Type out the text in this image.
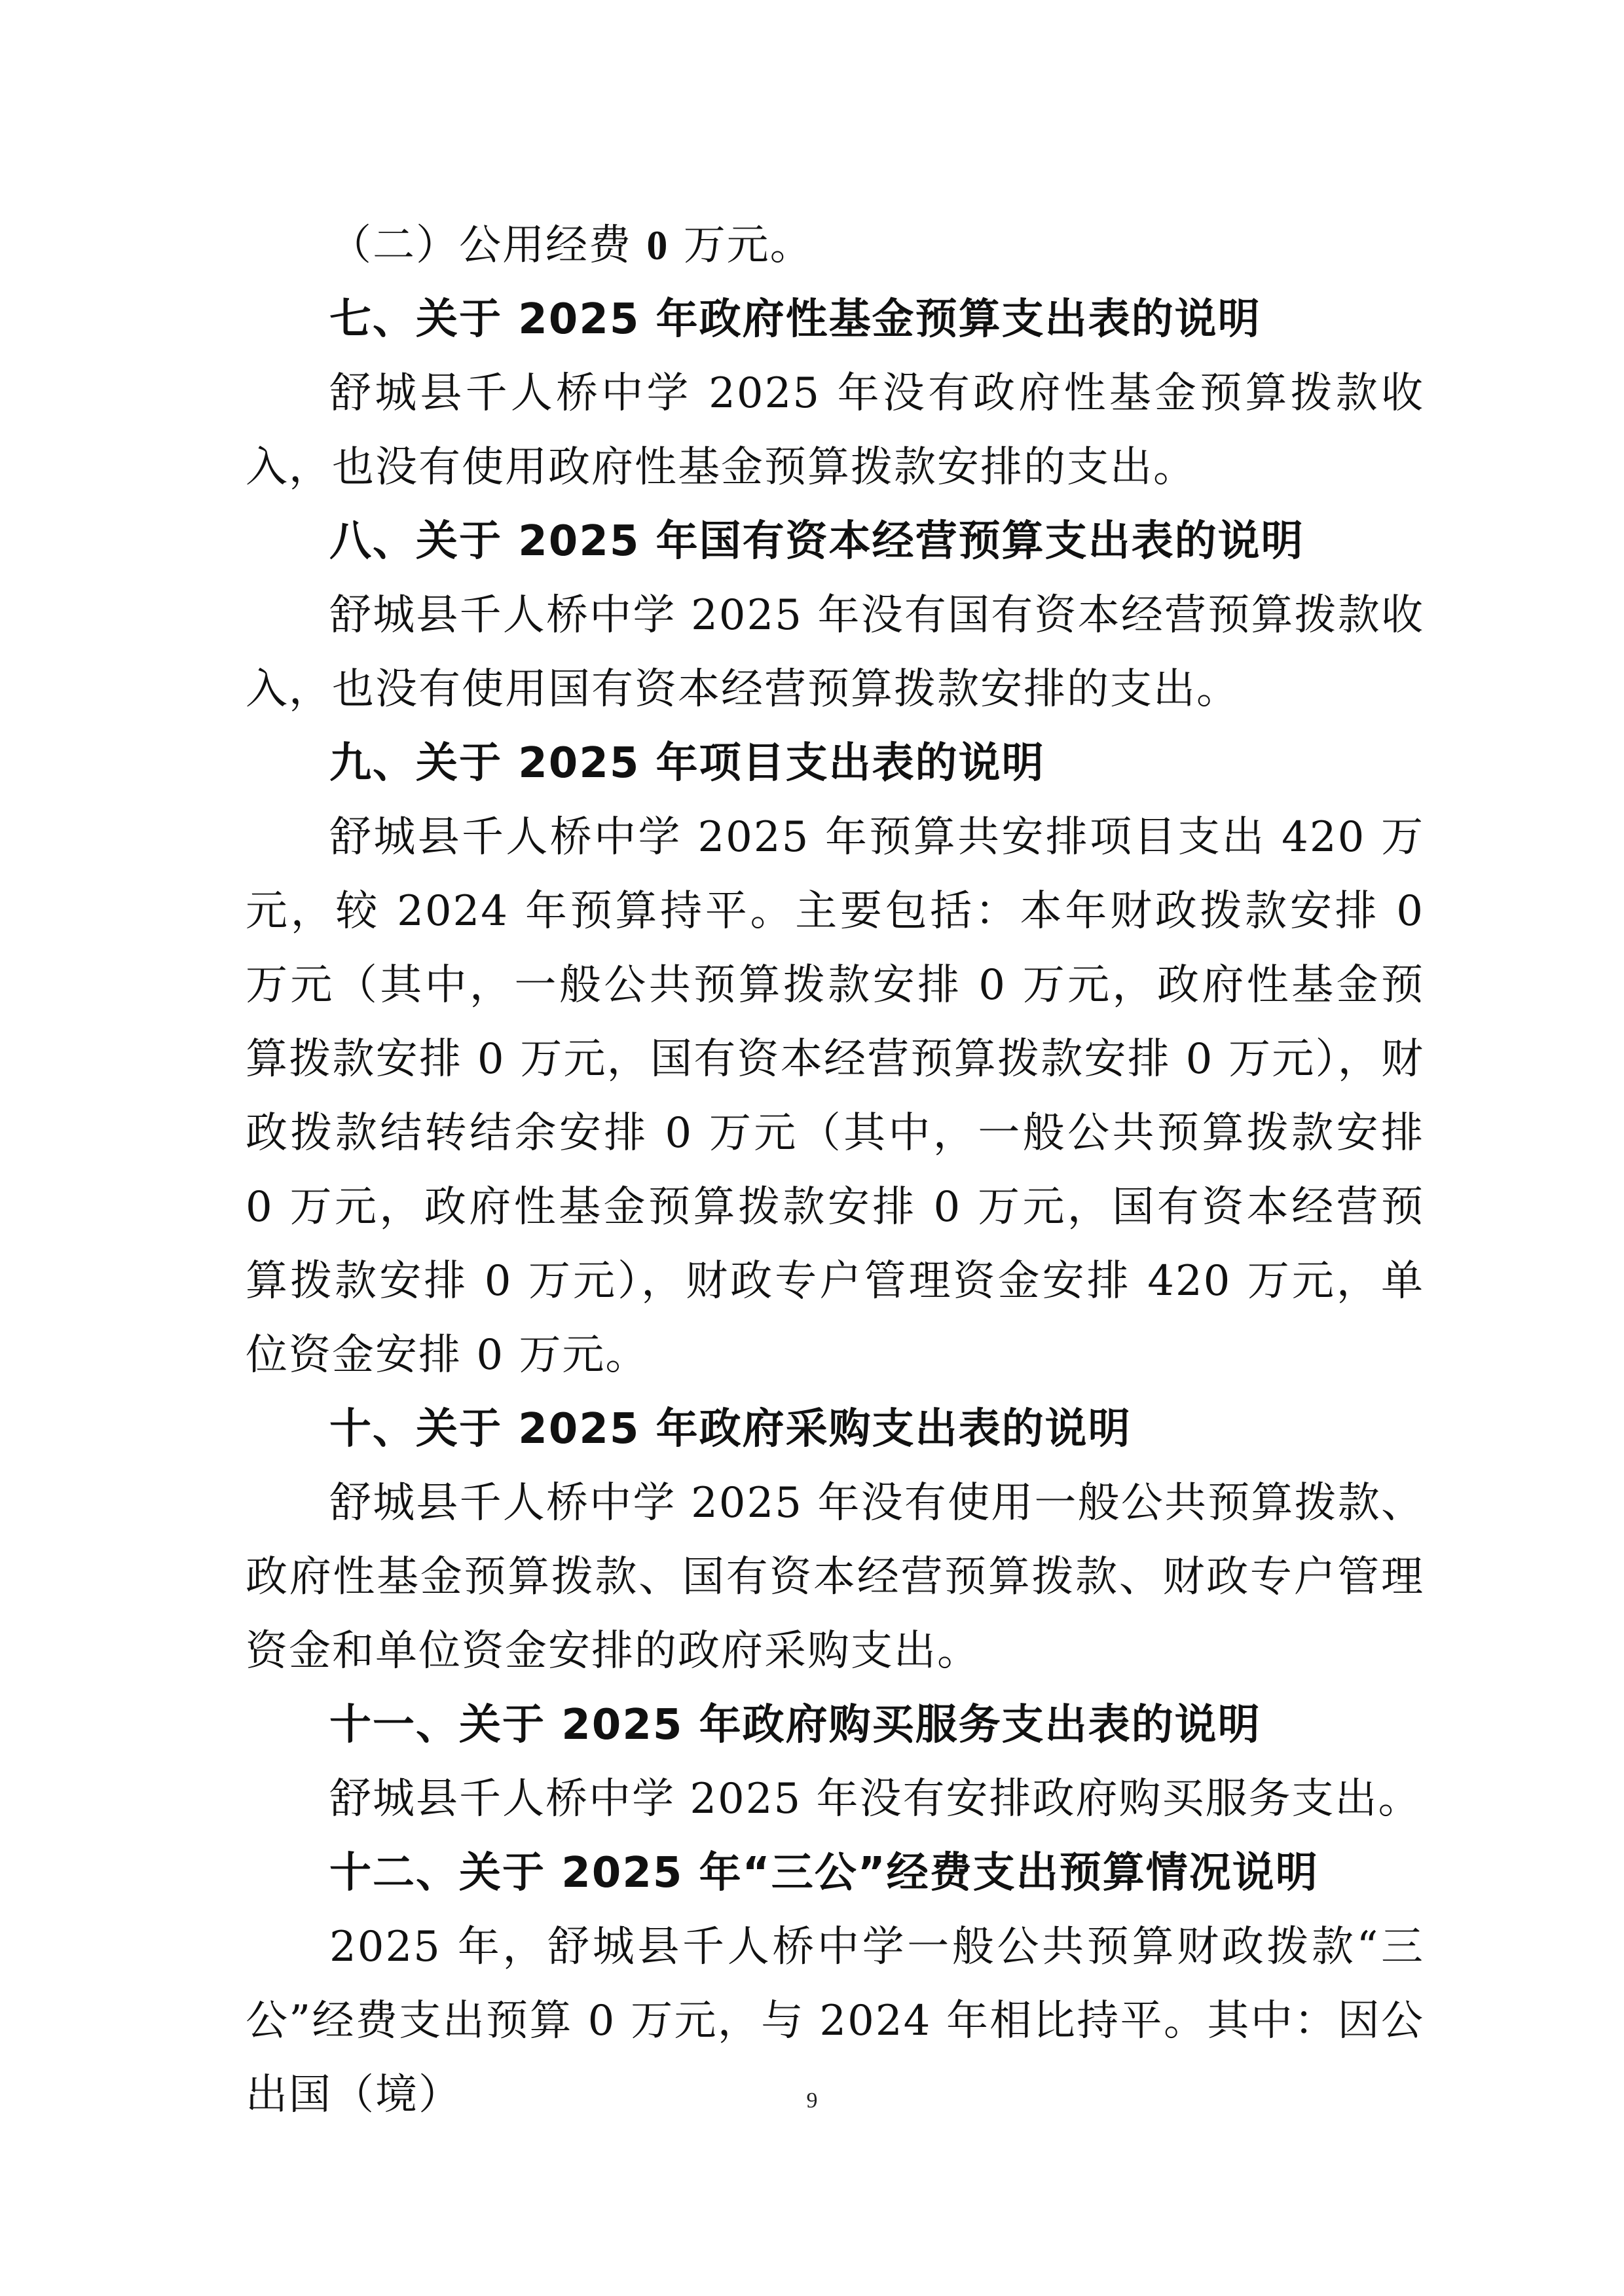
（二）公用经费 0 万元。

七、关于 2025 年政府性基金预算支出表的说明

舒城县千人桥中学 2025 年没有政府性基金预算拨款收入，也没有使用政府性基金预算拨款安排的支出。

八、关于 2025 年国有资本经营预算支出表的说明

舒城县千人桥中学 2025 年没有国有资本经营预算拨款收入，也没有使用国有资本经营预算拨款安排的支出。

九、关于 2025 年项目支出表的说明

舒城县千人桥中学 2025 年预算共安排项目支出 420 万元，较 2024 年预算持平。主要包括：本年财政拨款安排 0 万元（其中，一般公共预算拨款安排 0 万元，政府性基金预算拨款安排 0 万元，国有资本经营预算拨款安排 0 万元），财政拨款结转结余安排 0 万元（其中，一般公共预算拨款安排 0 万元，政府性基金预算拨款安排 0 万元，国有资本经营预算拨款安排 0 万元），财政专户管理资金安排 420 万元，单位资金安排 0 万元。

十、关于 2025 年政府采购支出表的说明

舒城县千人桥中学 2025 年没有使用一般公共预算拨款、政府性基金预算拨款、国有资本经营预算拨款、财政专户管理资金和单位资金安排的政府采购支出。

十一、关于 2025 年政府购买服务支出表的说明

舒城县千人桥中学 2025 年没有安排政府购买服务支出。

十二、关于 2025 年“三公”经费支出预算情况说明

2025 年，舒城县千人桥中学一般公共预算财政拨款“三公”经费支出预算 0 万元，与 2024 年相比持平。其中：因公出国（境）	9
